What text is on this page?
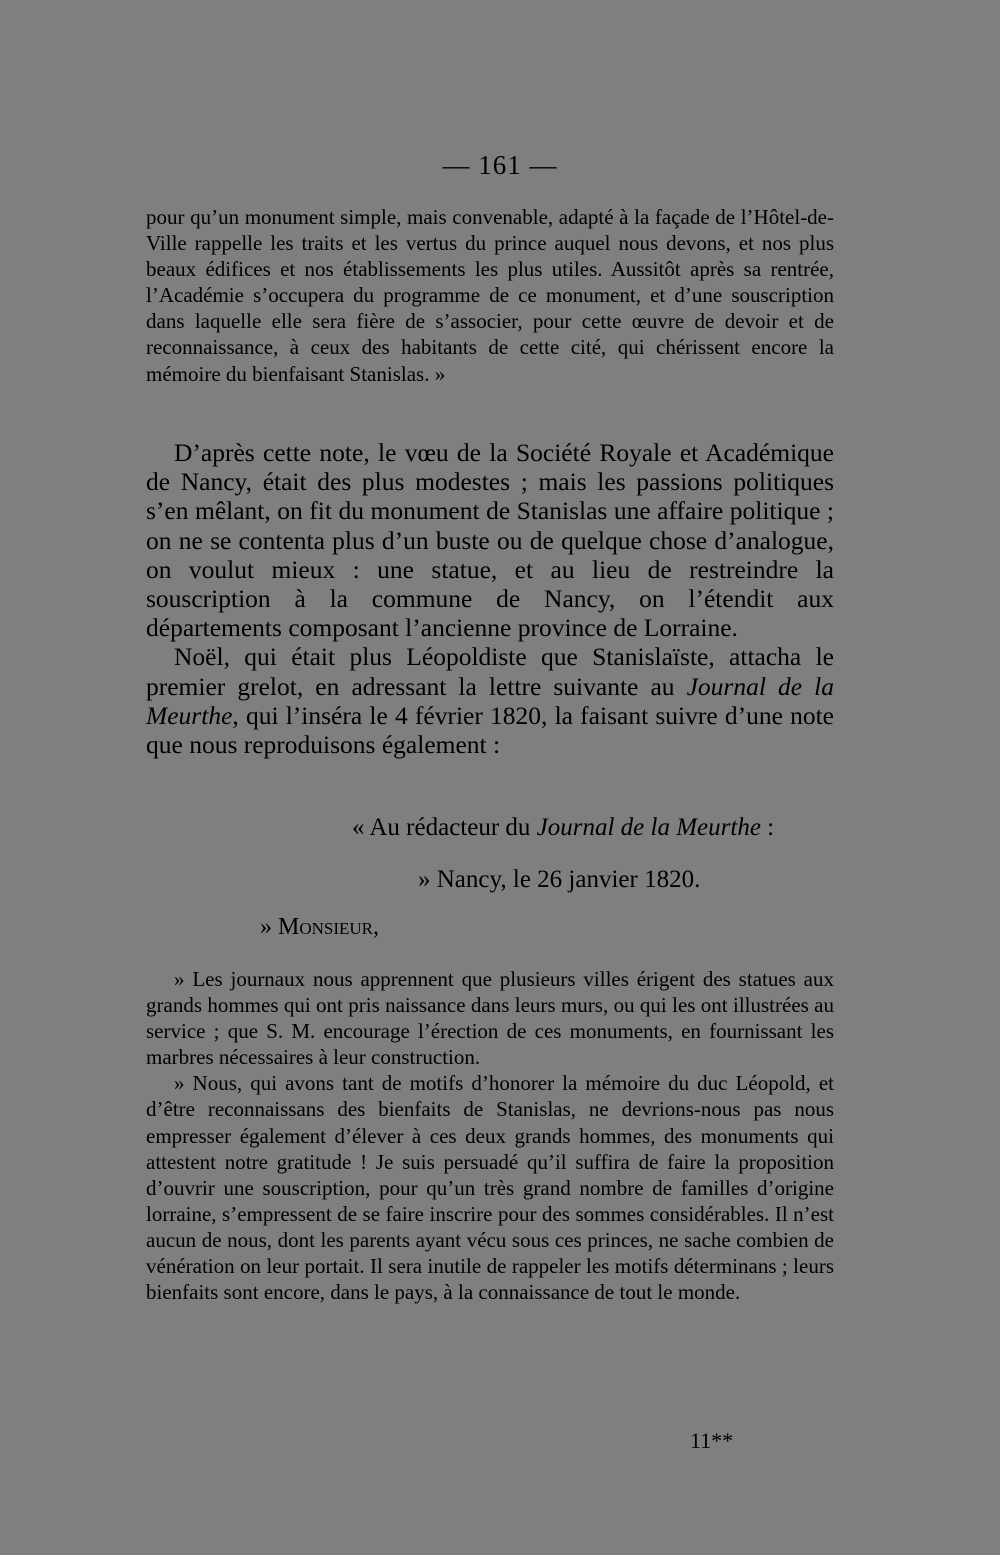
— 161 —

pour qu’un monument simple, mais convenable, adapté à la façade de l’Hôtel-de-Ville rappelle les traits et les vertus du prince auquel nous devons, et nos plus beaux édifices et nos établissements les plus utiles. Aussitôt après sa rentrée, l’Académie s’occupera du programme de ce monument, et d’une souscription dans laquelle elle sera fière de s’associer, pour cette œuvre de devoir et de reconnaissance, à ceux des habitants de cette cité, qui chérissent encore la mémoire du bienfaisant Stanislas. »

D’après cette note, le vœu de la Société Royale et Académique de Nancy, était des plus modestes ; mais les passions politiques s’en mêlant, on fit du monument de Stanislas une affaire politique ; on ne se contenta plus d’un buste ou de quelque chose d’analogue, on voulut mieux : une statue, et au lieu de restreindre la souscription à la commune de Nancy, on l’étendit aux départements composant l’ancienne province de Lorraine.

Noël, qui était plus Léopoldiste que Stanislaïste, attacha le premier grelot, en adressant la lettre suivante au Journal de la Meurthe, qui l’inséra le 4 février 1820, la faisant suivre d’une note que nous reproduisons également :

« Au rédacteur du Journal de la Meurthe :
» Nancy, le 26 janvier 1820.
» Monsieur,

» Les journaux nous apprennent que plusieurs villes érigent des statues aux grands hommes qui ont pris naissance dans leurs murs, ou qui les ont illustrées au service ; que S. M. encourage l’érection de ces monuments, en fournissant les marbres nécessaires à leur construction.

» Nous, qui avons tant de motifs d’honorer la mémoire du duc Léopold, et d’être reconnaissans des bienfaits de Stanislas, ne devrions-nous pas nous empresser également d’élever à ces deux grands hommes, des monuments qui attestent notre gratitude ! Je suis persuadé qu’il suffira de faire la proposition d’ouvrir une souscription, pour qu’un très grand nombre de familles d’origine lorraine, s’empressent de se faire inscrire pour des sommes considérables. Il n’est aucun de nous, dont les parents ayant vécu sous ces princes, ne sache combien de vénération on leur portait. Il sera inutile de rappeler les motifs déterminans ; leurs bienfaits sont encore, dans le pays, à la connaissance de tout le monde.

11**
